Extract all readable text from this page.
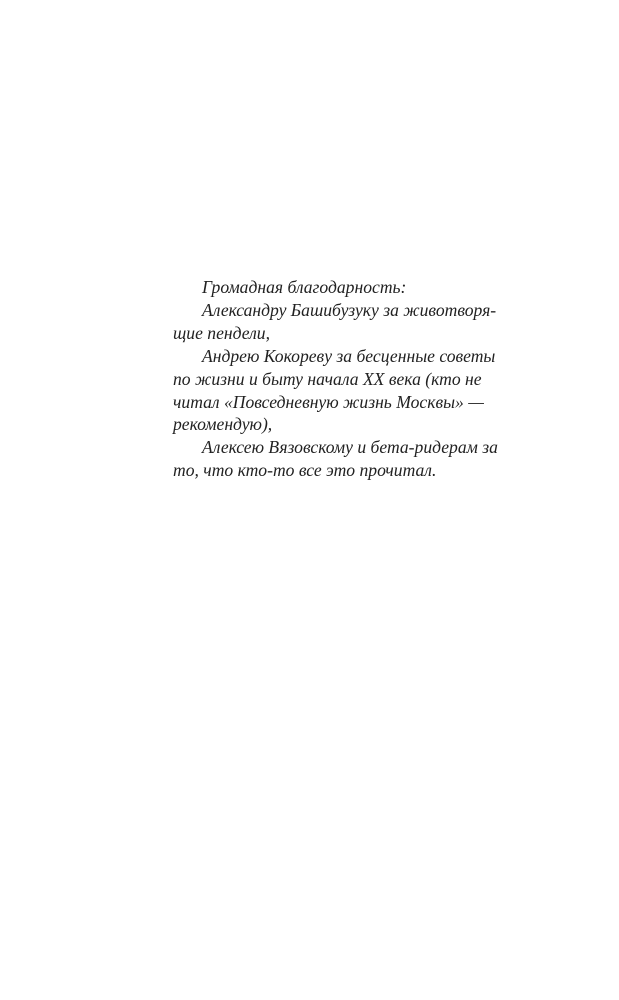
Громадная благодарность:
Александру Башибузуку за животворя-
щие пендели,
Андрею Кокореву за бесценные советы
по жизни и быту начала XX века (кто не
читал «Повседневную жизнь Москвы» —
рекомендую),
Алексею Вязовскому и бета-ридерам за
то, что кто-то все это прочитал.
